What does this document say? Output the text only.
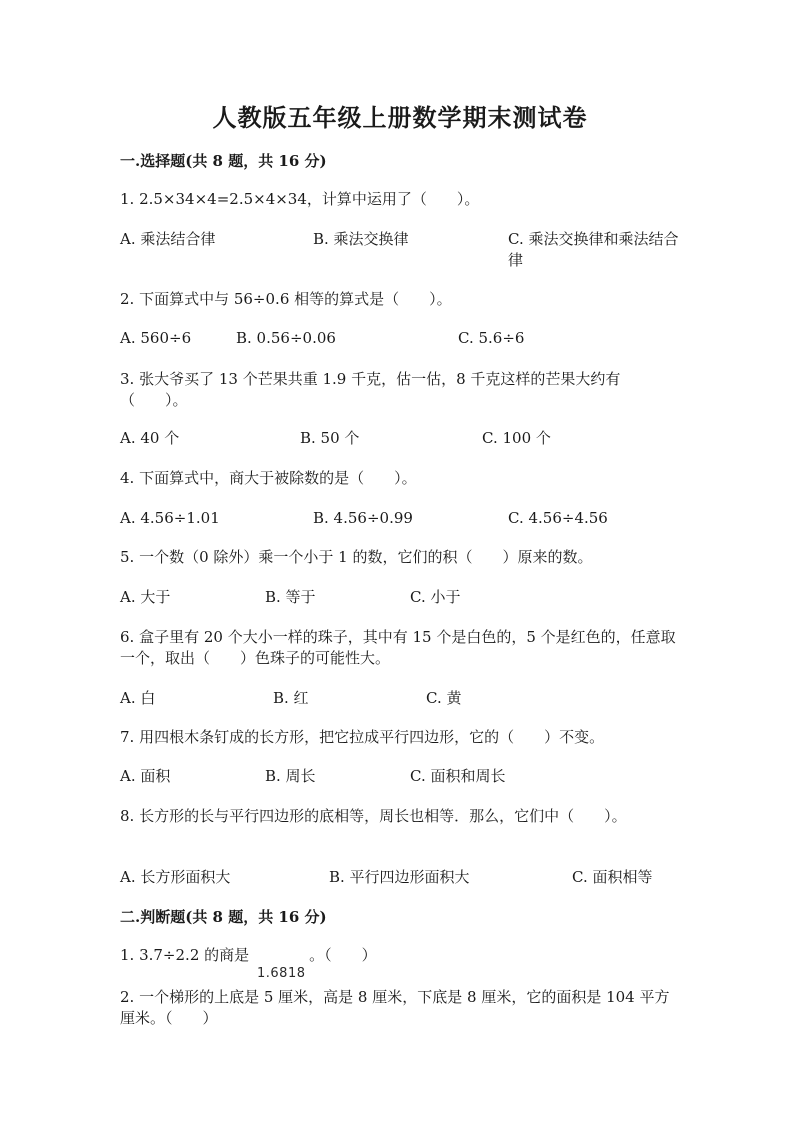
人教版五年级上册数学期末测试卷
一.选择题(共 8 题，共 16 分)
1. 2.5×34×4=2.5×4×34，计算中运用了（　　）。
A. 乘法结合律	B. 乘法交换律	C. 乘法交换律和乘法结合律
2. 下面算式中与 56÷0.6 相等的算式是（　　）。
A. 560÷6	B. 0.56÷0.06	C. 5.6÷6
3. 张大爷买了 13 个芒果共重 1.9 千克，估一估，8 千克这样的芒果大约有（　　）。
A. 40 个	B. 50 个	C. 100 个
4. 下面算式中，商大于被除数的是（　　）。
A. 4.56÷1.01	B. 4.56÷0.99	C. 4.56÷4.56
5. 一个数（0 除外）乘一个小于 1 的数，它们的积（　　）原来的数。
A. 大于	B. 等于	C. 小于
6. 盒子里有 20 个大小一样的珠子，其中有 15 个是白色的，5 个是红色的，任意取一个，取出（　　）色珠子的可能性大。
A. 白	B. 红	C. 黄
7. 用四根木条钉成的长方形，把它拉成平行四边形，它的（　　）不变。
A. 面积	B. 周长	C. 面积和周长
8. 长方形的长与平行四边形的底相等，周长也相等．那么，它们中（　　）。
A. 长方形面积大	B. 平行四边形面积大	C. 面积相等
二.判断题(共 8 题，共 16 分)
1. 3.7÷2.2 的商是　　　　。（　　）
1.6818
2. 一个梯形的上底是 5 厘米，高是 8 厘米，下底是 8 厘米，它的面积是 104 平方厘米。（　　）
